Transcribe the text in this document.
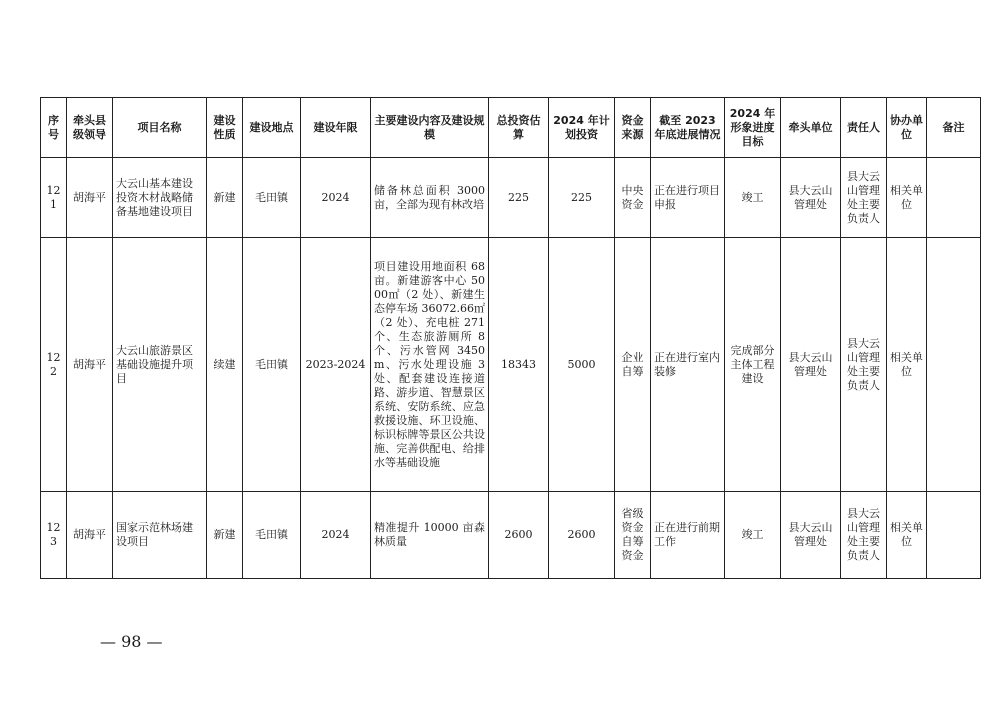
序号	牵头县级领导	项目名称	建设性质	建设地点	建设年限	主要建设内容及建设规模	总投资估算	2024 年计划投资	资金来源	截至 2023 年底进展情况	2024 年形象进度目标	牵头单位	责任人	协办单位	备注
121	胡海平	大云山基本建设投资木材战略储备基地建设项目	新建	毛田镇	2024	储备林总面积 3000 亩，全部为现有林改培	225	225	中央资金	正在进行项目申报	竣工	县大云山管理处	县大云山管理处主要负责人	相关单位	
122	胡海平	大云山旅游景区基础设施提升项目	续建	毛田镇	2023-2024	项目建设用地面积 68 亩。新建游客中心 5000㎡（2 处）、新建生态停车场 36072.66㎡（2 处）、充电桩 271 个、生态旅游厕所 8 个、污水管网 3450m、污水处理设施 3 处、配套建设连接道路、游步道、智慧景区系统、安防系统、应急救援设施、环卫设施、标识标牌等景区公共设施、完善供配电、给排水等基础设施	18343	5000	企业自筹	正在进行室内装修	完成部分主体工程建设	县大云山管理处	县大云山管理处主要负责人	相关单位	
123	胡海平	国家示范林场建设项目	新建	毛田镇	2024	精准提升 10000 亩森林质量	2600	2600	省级资金自筹资金	正在进行前期工作	竣工	县大云山管理处	县大云山管理处主要负责人	相关单位	
— 98 —
